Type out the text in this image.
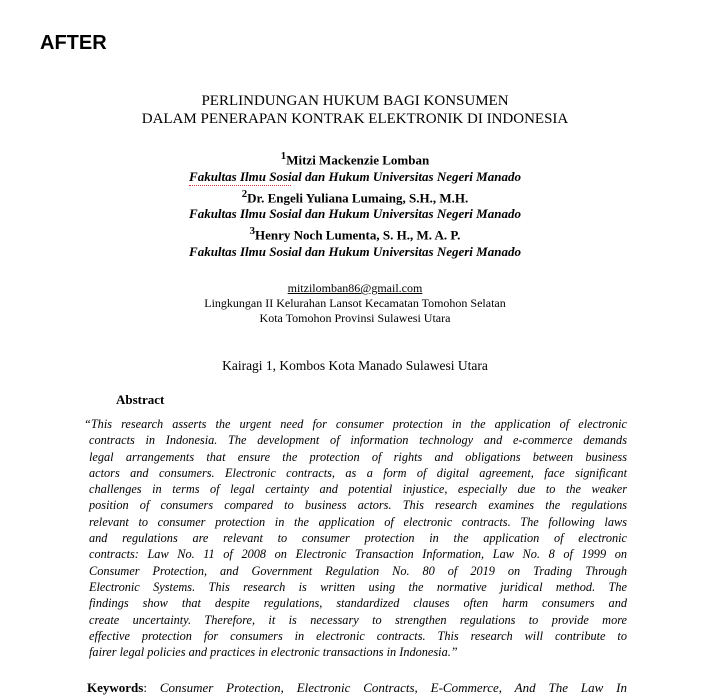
AFTER
PERLINDUNGAN HUKUM BAGI KONSUMEN
DALAM PENERAPAN KONTRAK ELEKTRONIK DI INDONESIA
$^1$Mitzi Mackenzie Lomban
Fakultas Ilmu Sosial dan Hukum Universitas Negeri Manado
$^2$Dr. Engeli Yuliana Lumaing, S.H., M.H.
Fakultas Ilmu Sosial dan Hukum Universitas Negeri Manado
$^3$Henry Noch Lumenta, S. H., M. A. P.
Fakultas Ilmu Sosial dan Hukum Universitas Negeri Manado
mitzilomban86@gmail.com
Lingkungan II Kelurahan Lansot Kecamatan Tomohon Selatan
Kota Tomohon Provinsi Sulawesi Utara
Kairagi 1, Kombos Kota Manado Sulawesi Utara
Abstract
“This research asserts the urgent need for consumer protection in the application of electronic
contracts in Indonesia. The development of information technology and e-commerce demands
legal arrangements that ensure the protection of rights and obligations between business
actors and consumers. Electronic contracts, as a form of digital agreement, face significant
challenges in terms of legal certainty and potential injustice, especially due to the weaker
position of consumers compared to business actors. This research examines the regulations
relevant to consumer protection in the application of electronic contracts. The following laws
and regulations are relevant to consumer protection in the application of electronic
contracts: Law No. 11 of 2008 on Electronic Transaction Information, Law No. 8 of 1999 on
Consumer Protection, and Government Regulation No. 80 of 2019 on Trading Through
Electronic Systems. This research is written using the normative juridical method. The
findings show that despite regulations, standardized clauses often harm consumers and
create uncertainty. Therefore, it is necessary to strengthen regulations to provide more
effective protection for consumers in electronic contracts. This research will contribute to
fairer legal policies and practices in electronic transactions in Indonesia.”
Keywords: Consumer Protection, Electronic Contracts, E-Commerce, And The Law In
